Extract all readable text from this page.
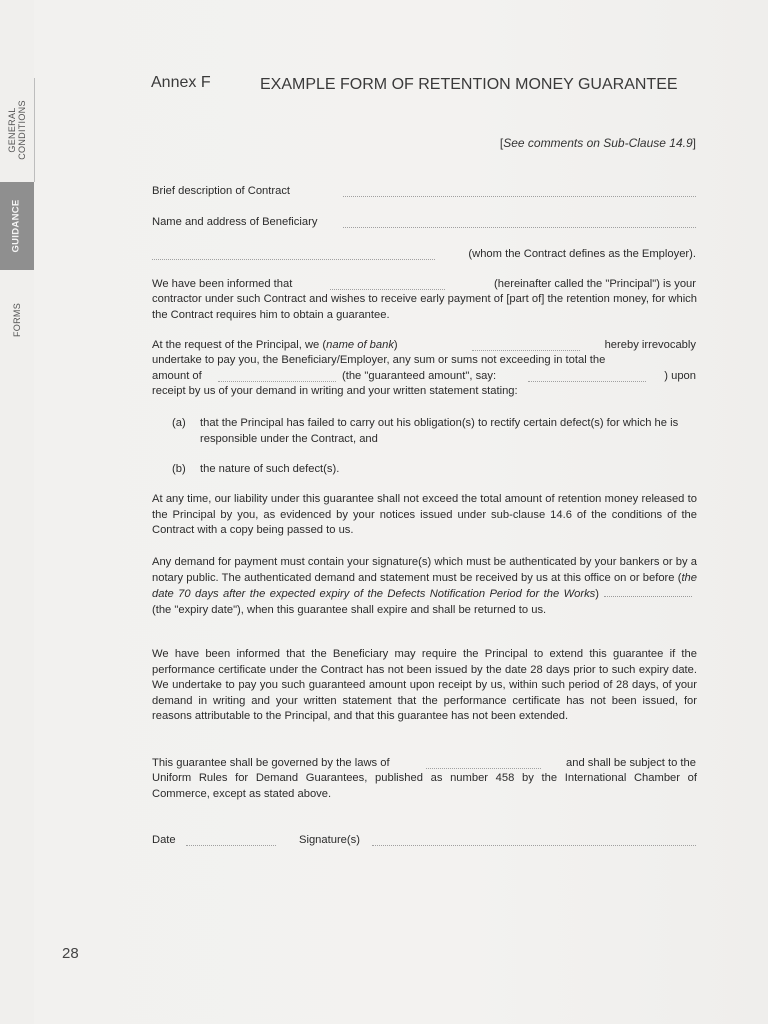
GENERAL CONDITIONS
GUIDANCE
FORMS
Annex F	EXAMPLE FORM OF RETENTION MONEY GUARANTEE
[See comments on Sub-Clause 14.9]
Brief description of Contract
Name and address of Beneficiary
(whom the Contract defines as the Employer).
We have been informed that	(hereinafter called the "Principal") is your
contractor under such Contract and wishes to receive early payment of [part of] the retention money, for which the Contract requires him to obtain a guarantee.
At the request of the Principal, we (name of bank)	hereby irrevocably
undertake to pay you, the Beneficiary/Employer, any sum or sums not exceeding in total the
amount of	(the "guaranteed amount", say:	) upon
receipt by us of your demand in writing and your written statement stating:
(a) that the Principal has failed to carry out his obligation(s) to rectify certain defect(s) for which he is responsible under the Contract, and
(b) the nature of such defect(s).
At any time, our liability under this guarantee shall not exceed the total amount of retention money released to the Principal by you, as evidenced by your notices issued under sub-clause 14.6 of the conditions of the Contract with a copy being passed to us.
Any demand for payment must contain your signature(s) which must be authenticated by your bankers or by a notary public. The authenticated demand and statement must be received by us at this office on or before (the date 70 days after the expected expiry of the Defects Notification Period for the Works)(the "expiry date"), when this guarantee shall expire and shall be returned to us.
We have been informed that the Beneficiary may require the Principal to extend this guarantee if the performance certificate under the Contract has not been issued by the date 28 days prior to such expiry date. We undertake to pay you such guaranteed amount upon receipt by us, within such period of 28 days, of your demand in writing and your written statement that the performance certificate has not been issued, for reasons attributable to the Principal, and that this guarantee has not been extended.
This guarantee shall be governed by the laws of	and shall be subject to the
Uniform Rules for Demand Guarantees, published as number 458 by the International Chamber of Commerce, except as stated above.
Date	Signature(s)
28
